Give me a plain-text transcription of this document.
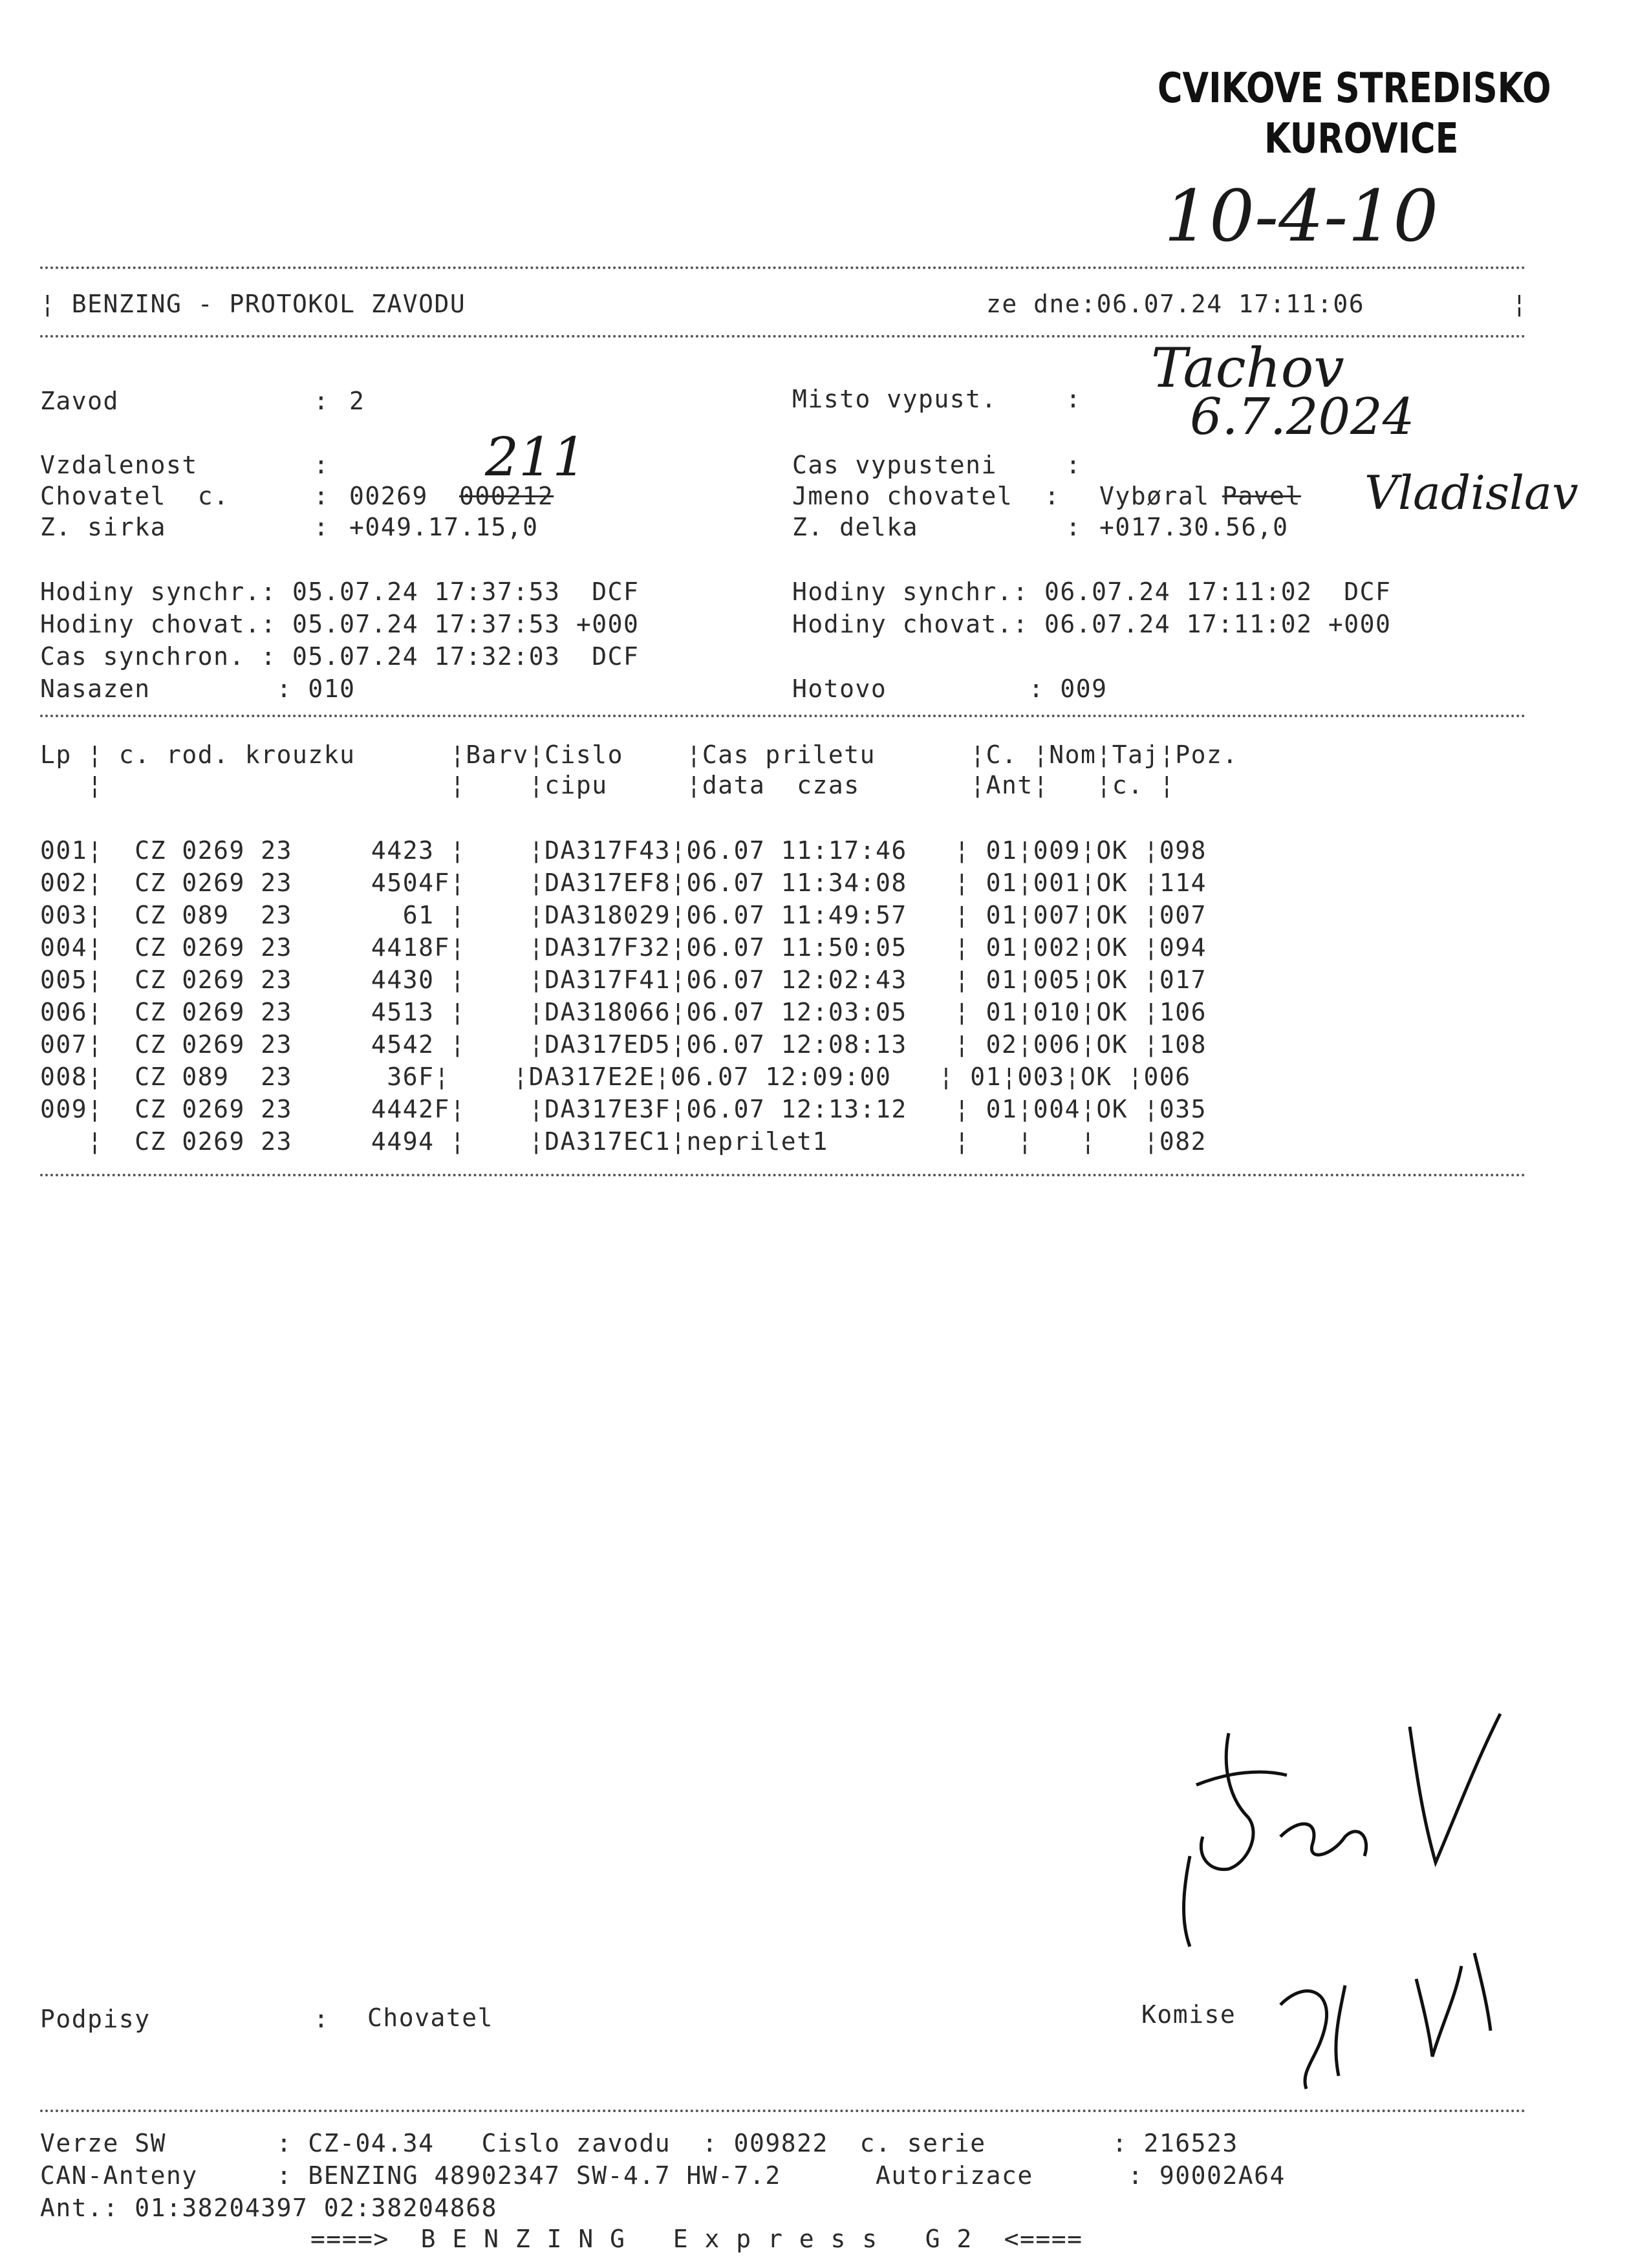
CVIKOVE STREDISKO
KUROVICE
10-4-10
¦ BENZING - PROTOKOL ZAVODU	ze dne:06.07.24 17:11:06	¦
Tachov
6.7.2024
211
Vladislav
Zavod	: 2
Vzdalenost	:
Chovatel  c.	: 00269 000212
Z. sirka	: +049.17.15,0
Misto vypust.	:
Cas vypusteni	:
Jmeno chovatel : Vybøral Pavel
Z. delka	: +017.30.56,0
Hodiny synchr.: 05.07.24 17:37:53  DCF
Hodiny chovat.: 05.07.24 17:37:53 +000
Cas synchron. : 05.07.24 17:32:03  DCF
Nasazen        : 010
Hodiny synchr.: 06.07.24 17:11:02  DCF
Hodiny chovat.: 06.07.24 17:11:02 +000
Hotovo         : 009
Lp ¦ c. rod. krouzku      ¦Barv¦Cislo    ¦Cas priletu      ¦C. ¦Nom¦Taj¦Poz.
¦                      ¦    ¦cipu     ¦data  czas       ¦Ant¦   ¦c. ¦
001¦  CZ 0269 23     4423 ¦    ¦DA317F43¦06.07 11:17:46   ¦ 01¦009¦OK ¦098
002¦  CZ 0269 23     4504F¦    ¦DA317EF8¦06.07 11:34:08   ¦ 01¦001¦OK ¦114
003¦  CZ 089  23       61 ¦    ¦DA318029¦06.07 11:49:57   ¦ 01¦007¦OK ¦007
004¦  CZ 0269 23     4418F¦    ¦DA317F32¦06.07 11:50:05   ¦ 01¦002¦OK ¦094
005¦  CZ 0269 23     4430 ¦    ¦DA317F41¦06.07 12:02:43   ¦ 01¦005¦OK ¦017
006¦  CZ 0269 23     4513 ¦    ¦DA318066¦06.07 12:03:05   ¦ 01¦010¦OK ¦106
007¦  CZ 0269 23     4542 ¦    ¦DA317ED5¦06.07 12:08:13   ¦ 02¦006¦OK ¦108
008¦  CZ 089  23      36F¦    ¦DA317E2E¦06.07 12:09:00   ¦ 01¦003¦OK ¦006
009¦  CZ 0269 23     4442F¦    ¦DA317E3F¦06.07 12:13:12   ¦ 01¦004¦OK ¦035
¦  CZ 0269 23     4494 ¦    ¦DA317EC1¦neprilet1        ¦   ¦   ¦   ¦082
Podpisy	: Chovatel	Komise
Verze SW       : CZ-04.34   Cislo zavodu  : 009822  c. serie        : 216523
CAN-Anteny     : BENZING 48902347 SW-4.7 HW-7.2      Autorizace      : 90002A64
Ant.: 01:38204397 02:38204868
====>  B E N Z I N G   E x p r e s s   G 2  <====
